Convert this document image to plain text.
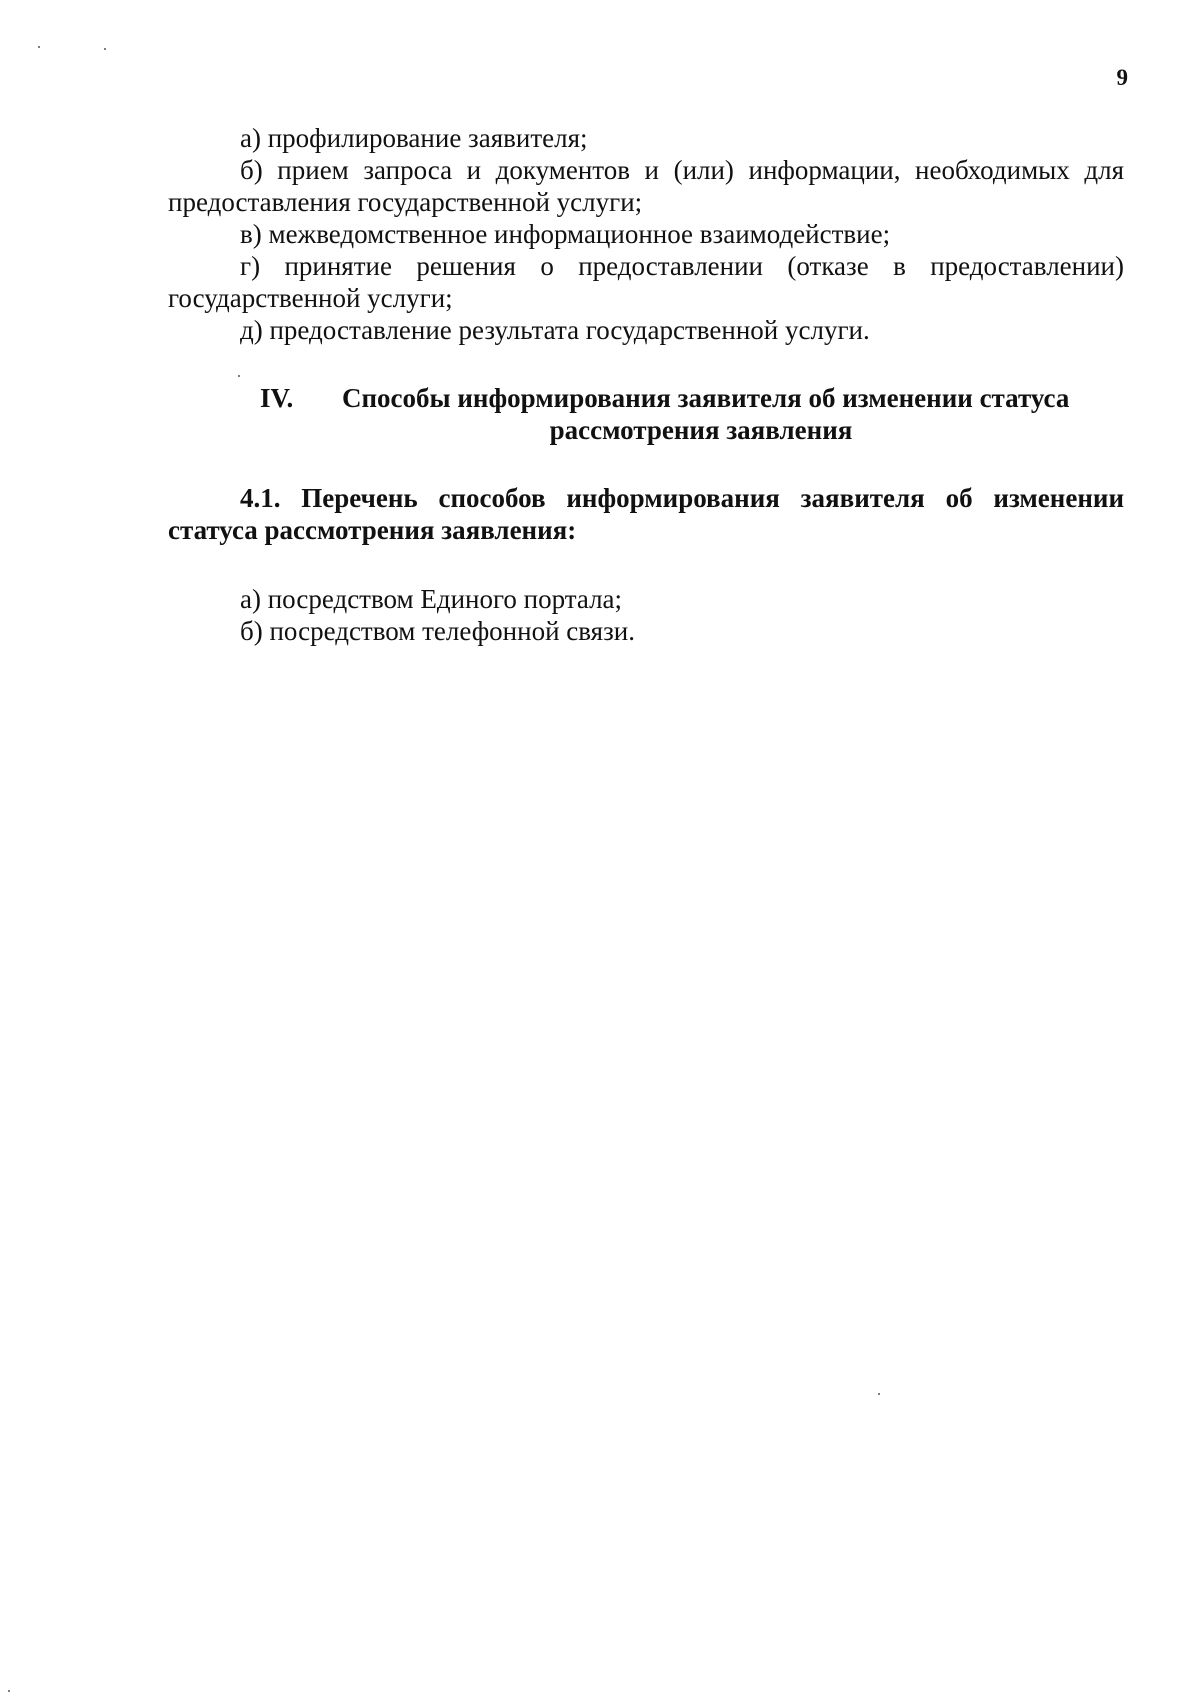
9

а) профилирование заявителя;

б) прием запроса и документов и (или) информации, необходимых для предоставления государственной услуги;

в) межведомственное информационное взаимодействие;

г) принятие решения о предоставлении (отказе в предоставлении) государственной услуги;

д) предоставление результата государственной услуги.

IV.	Способы информирования заявителя об изменении статуса
рассмотрения заявления

4.1. Перечень способов информирования заявителя об изменении статуса рассмотрения заявления:

а) посредством Единого портала;

б) посредством телефонной связи.
